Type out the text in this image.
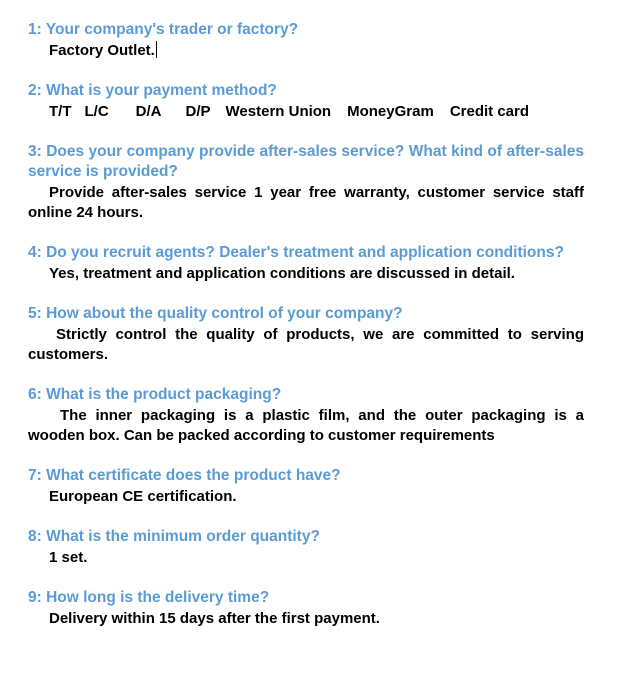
1: Your company's trader or factory?

Factory Outlet.

2: What is your payment method?

T/T L/C D/A D/P Western Union MoneyGram Credit card

3: Does your company provide after-sales service? What kind of after-sales service is provided?

Provide after-sales service 1 year free warranty, customer service staff online 24 hours.

4: Do you recruit agents? Dealer's treatment and application conditions?

Yes, treatment and application conditions are discussed in detail.

5: How about the quality control of your company?

Strictly control the quality of products, we are committed to serving customers.

6: What is the product packaging?

The inner packaging is a plastic film, and the outer packaging is a wooden box. Can be packed according to customer requirements

7: What certificate does the product have?

European CE certification.

8: What is the minimum order quantity?

1 set.

9: How long is the delivery time?

Delivery within 15 days after the first payment.
